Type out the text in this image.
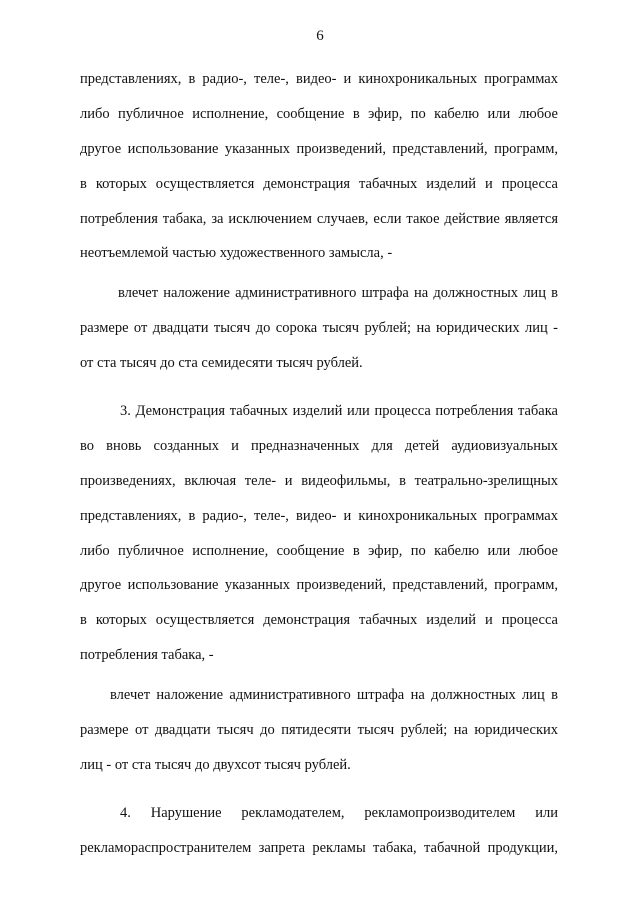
6
представлениях, в радио-, теле-, видео- и кинохроникальных программах
либо публичное исполнение, сообщение в эфир, по кабелю или любое
другое использование указанных произведений, представлений, программ,
в которых осуществляется демонстрация табачных изделий и процесса
потребления табака, за исключением случаев, если такое действие является
неотъемлемой частью художественного замысла, -
влечет наложение административного штрафа на должностных лиц в
размере от двадцати тысяч до сорока тысяч рублей; на юридических лиц -
от ста тысяч до ста семидесяти тысяч рублей.
3. Демонстрация табачных изделий или процесса потребления табака
во вновь созданных и предназначенных для детей аудиовизуальных
произведениях, включая теле- и видеофильмы, в театрально-зрелищных
представлениях, в радио-, теле-, видео- и кинохроникальных программах
либо публичное исполнение, сообщение в эфир, по кабелю или любое
другое использование указанных произведений, представлений, программ,
в которых осуществляется демонстрация табачных изделий и процесса
потребления табака, -
влечет наложение административного штрафа на должностных лиц в
размере от двадцати тысяч до пятидесяти тысяч рублей; на юридических
лиц - от ста тысяч до двухсот тысяч рублей.
4. Нарушение рекламодателем, рекламопроизводителем или
рекламораспространителем запрета рекламы табака, табачной продукции,
